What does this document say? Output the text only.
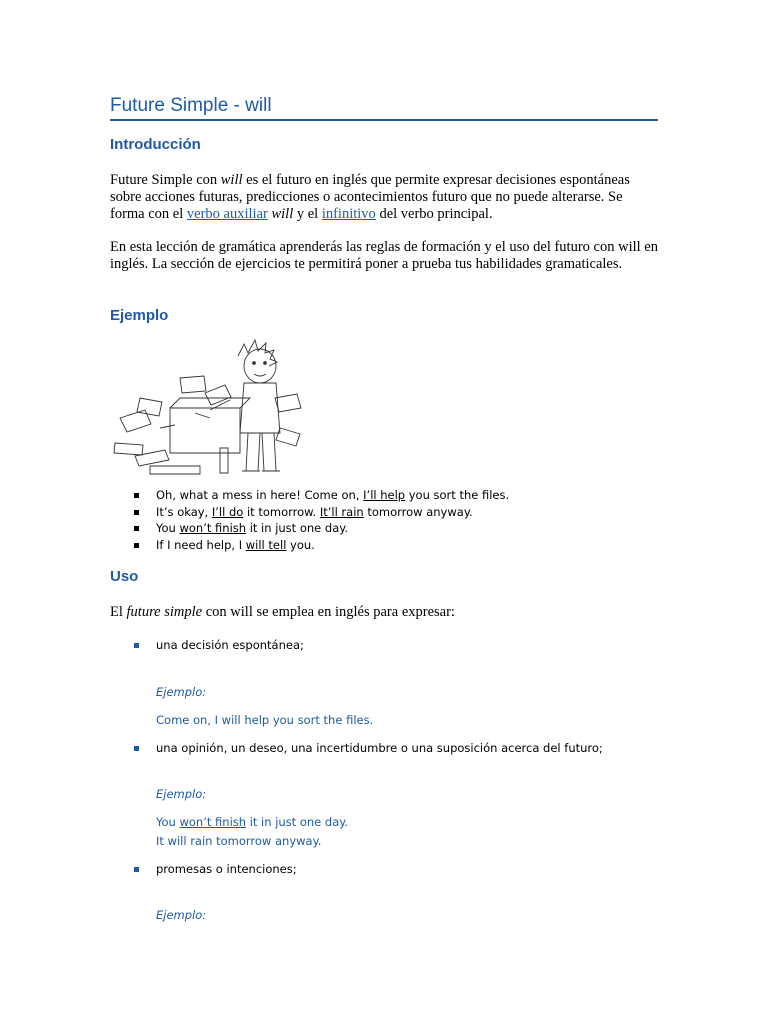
Future Simple - will
Introducción

Future Simple con will es el futuro en inglés que permite expresar decisiones espontáneas sobre acciones futuras, predicciones o acontecimientos futuro que no puede alterarse. Se forma con el verbo auxiliar will y el infinitivo del verbo principal.

En esta lección de gramática aprenderás las reglas de formación y el uso del futuro con will en inglés. La sección de ejercicios te permitirá poner a prueba tus habilidades gramaticales.

Ejemplo
Oh, what a mess in here! Come on, I’ll help you sort the files.
It’s okay, I’ll do it tomorrow. It’ll rain tomorrow anyway.
You won’t finish it in just one day.
If I need help, I will tell you.
Uso

El future simple con will se emplea en inglés para expresar:

una decisión espontánea;
Ejemplo:
Come on, I will help you sort the files.
una opinión, un deseo, una incertidumbre o una suposición acerca del futuro;
Ejemplo:
You won’t finish it in just one day.
It will rain tomorrow anyway.
promesas o intenciones;
Ejemplo:
